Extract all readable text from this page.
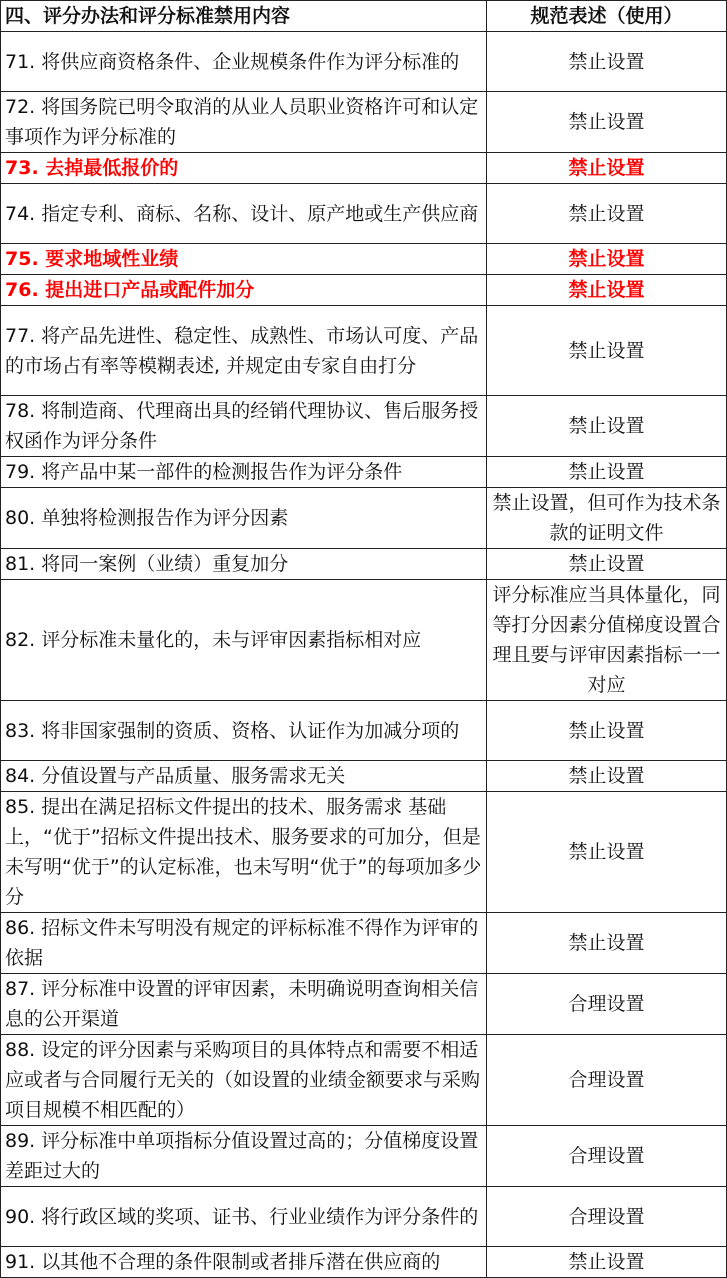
四、评分办法和评分标准禁用内容	规范表述（使用）
71. 将供应商资格条件、企业规模条件作为评分标准的	禁止设置
72. 将国务院已明令取消的从业人员职业资格许可和认定事项作为评分标准的	禁止设置
73. 去掉最低报价的	禁止设置
74. 指定专利、商标、名称、设计、原产地或生产供应商	禁止设置
75. 要求地域性业绩	禁止设置
76. 提出进口产品或配件加分	禁止设置
77. 将产品先进性、稳定性、成熟性、市场认可度、产品的市场占有率等模糊表述, 并规定由专家自由打分	禁止设置
78. 将制造商、代理商出具的经销代理协议、售后服务授权函作为评分条件	禁止设置
79. 将产品中某一部件的检测报告作为评分条件	禁止设置
80. 单独将检测报告作为评分因素	禁止设置，但可作为技术条款的证明文件
81. 将同一案例（业绩）重复加分	禁止设置
82. 评分标准未量化的，未与评审因素指标相对应	评分标准应当具体量化，同等打分因素分值梯度设置合理且要与评审因素指标一一对应
83. 将非国家强制的资质、资格、认证作为加减分项的	禁止设置
84. 分值设置与产品质量、服务需求无关	禁止设置
85. 提出在满足招标文件提出的技术、服务需求 基础上，“优于”招标文件提出技术、服务要求的可加分，但是未写明“优于”的认定标准，也未写明“优于”的每项加多少分	禁止设置
86. 招标文件未写明没有规定的评标标准不得作为评审的依据	禁止设置
87. 评分标准中设置的评审因素，未明确说明查询相关信息的公开渠道	合理设置
88. 设定的评分因素与采购项目的具体特点和需要不相适应或者与合同履行无关的（如设置的业绩金额要求与采购项目规模不相匹配的）	合理设置
89. 评分标准中单项指标分值设置过高的；分值梯度设置差距过大的	合理设置
90. 将行政区域的奖项、证书、行业业绩作为评分条件的	合理设置
91. 以其他不合理的条件限制或者排斥潜在供应商的	禁止设置
